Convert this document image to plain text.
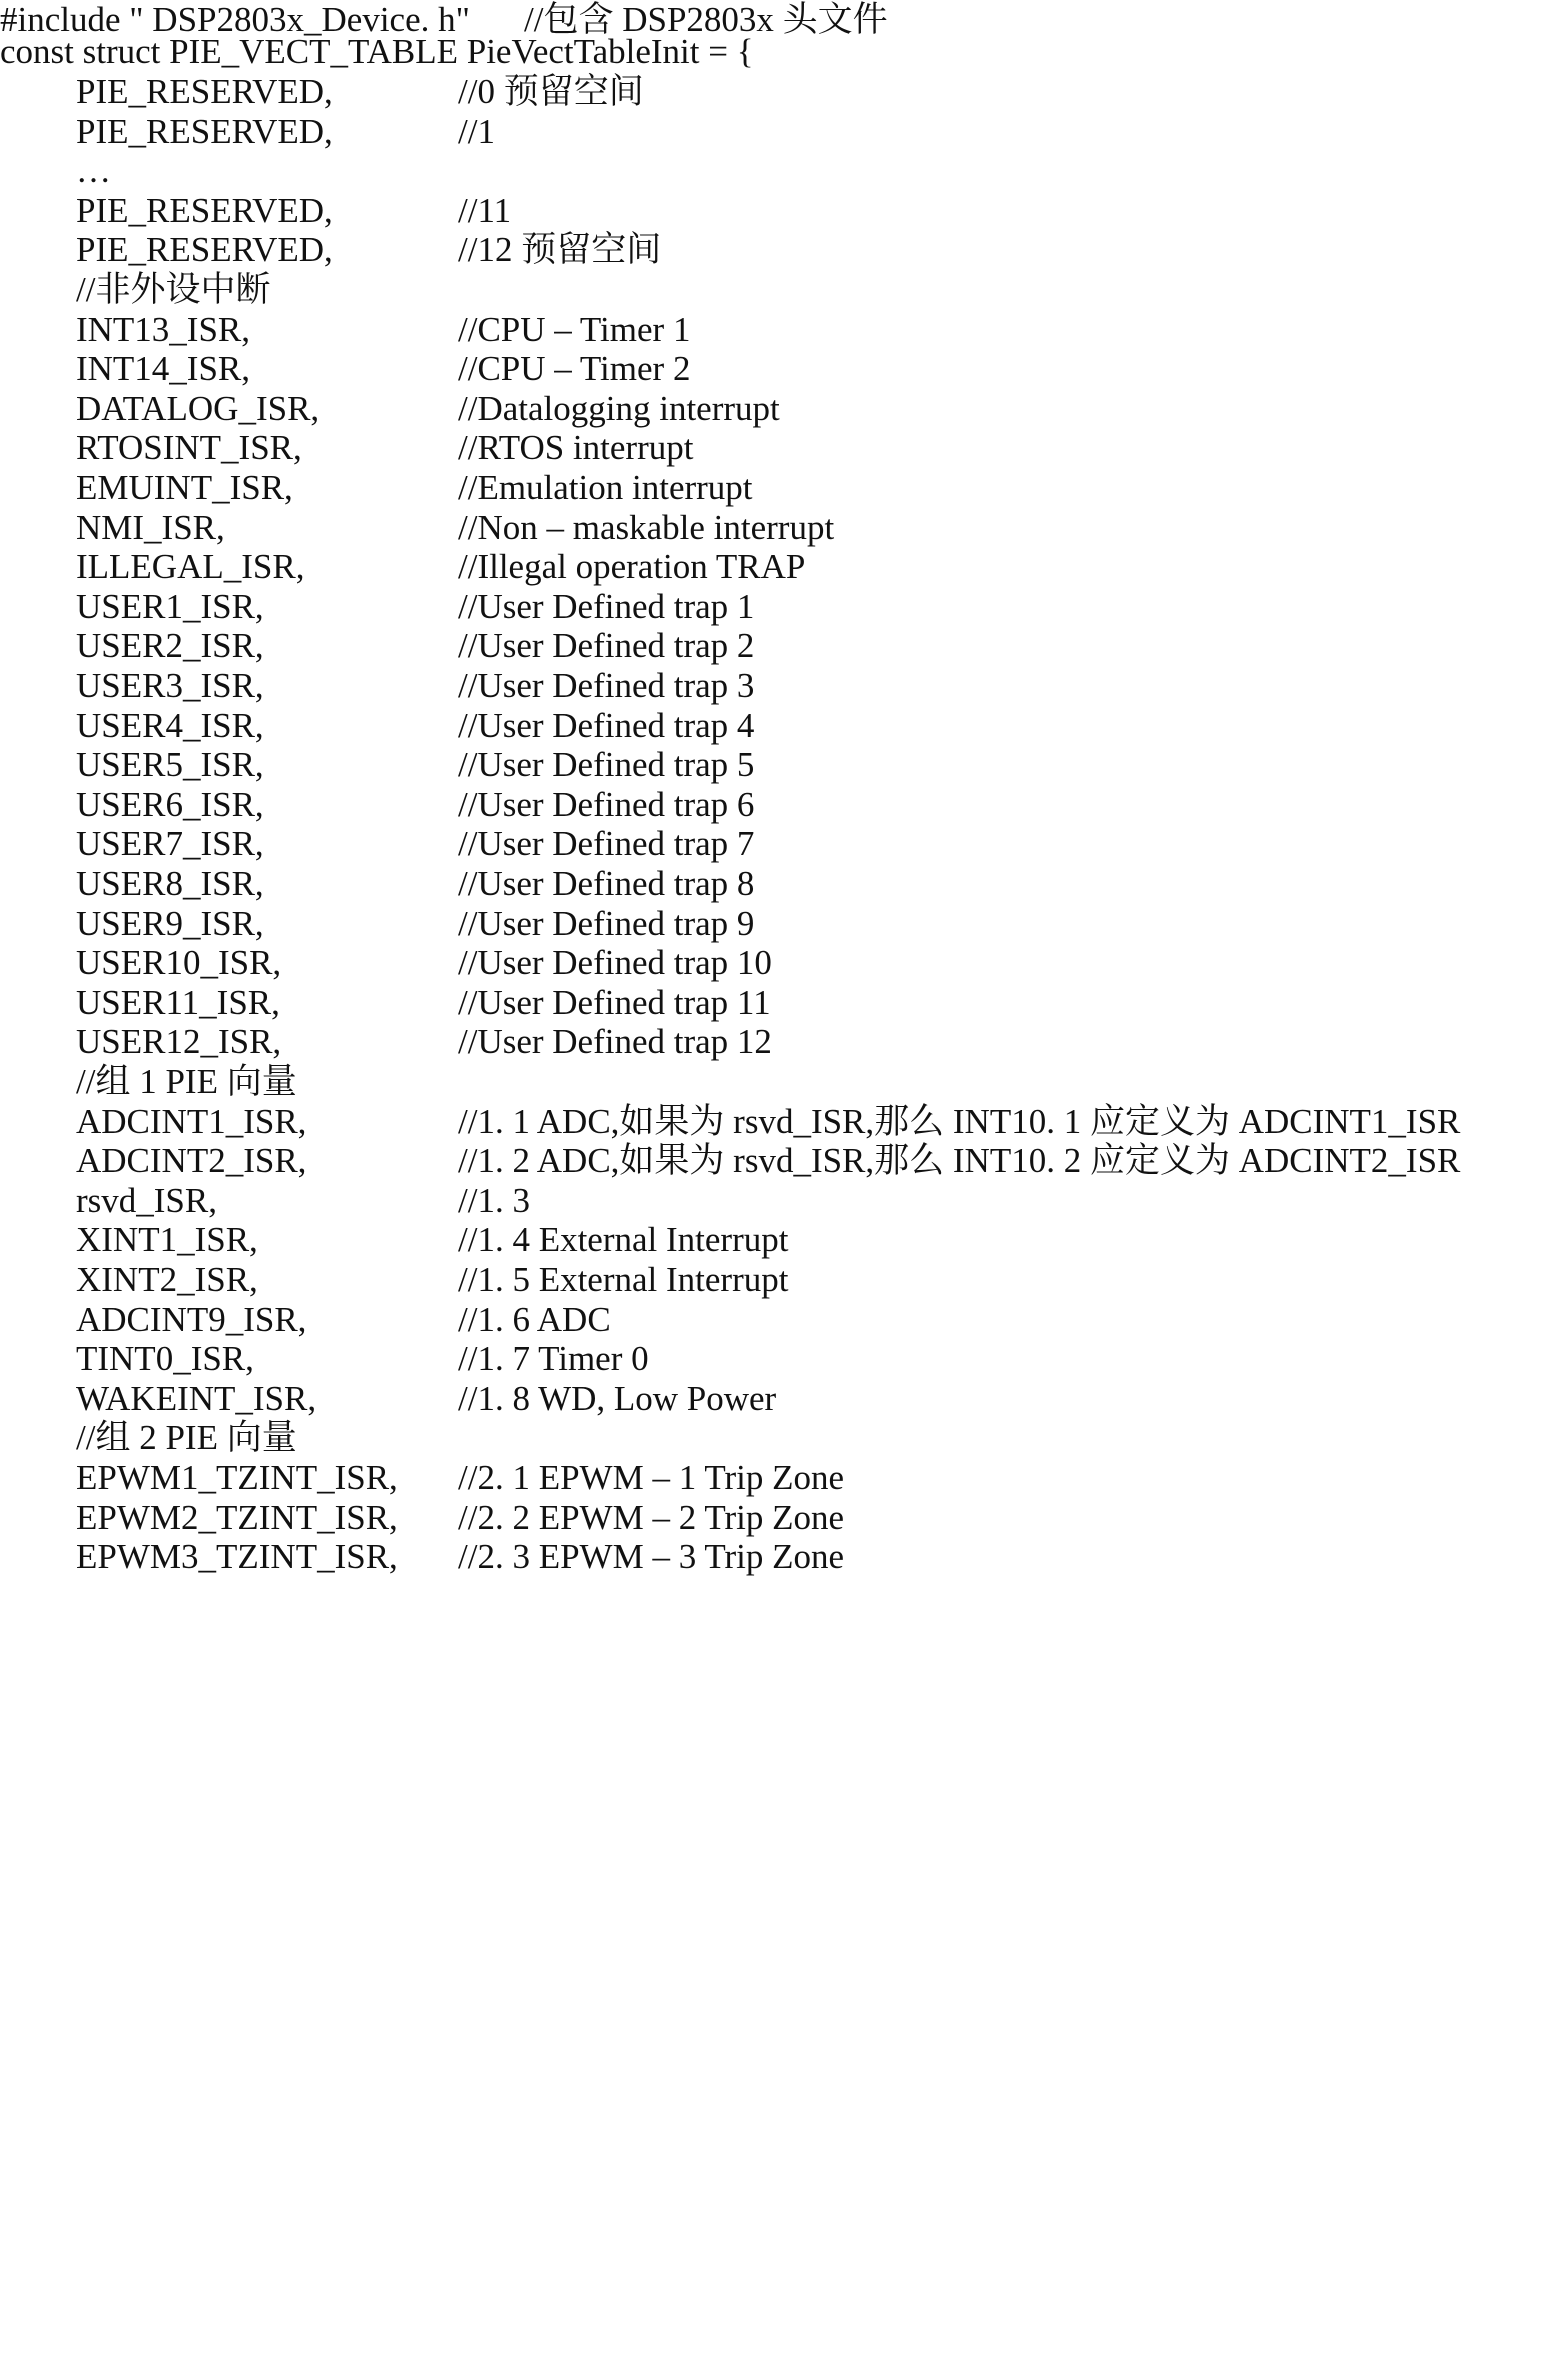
#include " DSP2803x_Device. h" //包含 DSP2803x 头文件
const struct PIE_VECT_TABLE PieVectTableInit = {
PIE_RESERVED,	//0 预留空间
PIE_RESERVED,	//1
…
PIE_RESERVED,	//11
PIE_RESERVED,	//12 预留空间
//非外设中断
INT13_ISR,	//CPU – Timer 1
INT14_ISR,	//CPU – Timer 2
DATALOG_ISR,	//Datalogging interrupt
RTOSINT_ISR,	//RTOS interrupt
EMUINT_ISR,	//Emulation interrupt
NMI_ISR,	//Non – maskable interrupt
ILLEGAL_ISR,	//Illegal operation TRAP
USER1_ISR,	//User Defined trap 1
USER2_ISR,	//User Defined trap 2
USER3_ISR,	//User Defined trap 3
USER4_ISR,	//User Defined trap 4
USER5_ISR,	//User Defined trap 5
USER6_ISR,	//User Defined trap 6
USER7_ISR,	//User Defined trap 7
USER8_ISR,	//User Defined trap 8
USER9_ISR,	//User Defined trap 9
USER10_ISR,	//User Defined trap 10
USER11_ISR,	//User Defined trap 11
USER12_ISR,	//User Defined trap 12
//组 1 PIE 向量
ADCINT1_ISR,	//1. 1 ADC,如果为 rsvd_ISR,那么 INT10. 1 应定义为 ADCINT1_ISR
ADCINT2_ISR,	//1. 2 ADC,如果为 rsvd_ISR,那么 INT10. 2 应定义为 ADCINT2_ISR
rsvd_ISR,	//1. 3
XINT1_ISR,	//1. 4 External Interrupt
XINT2_ISR,	//1. 5 External Interrupt
ADCINT9_ISR,	//1. 6 ADC
TINT0_ISR,	//1. 7 Timer 0
WAKEINT_ISR,	//1. 8 WD, Low Power
//组 2 PIE 向量
EPWM1_TZINT_ISR, //2. 1 EPWM – 1 Trip Zone
EPWM2_TZINT_ISR, //2. 2 EPWM – 2 Trip Zone
EPWM3_TZINT_ISR, //2. 3 EPWM – 3 Trip Zone
